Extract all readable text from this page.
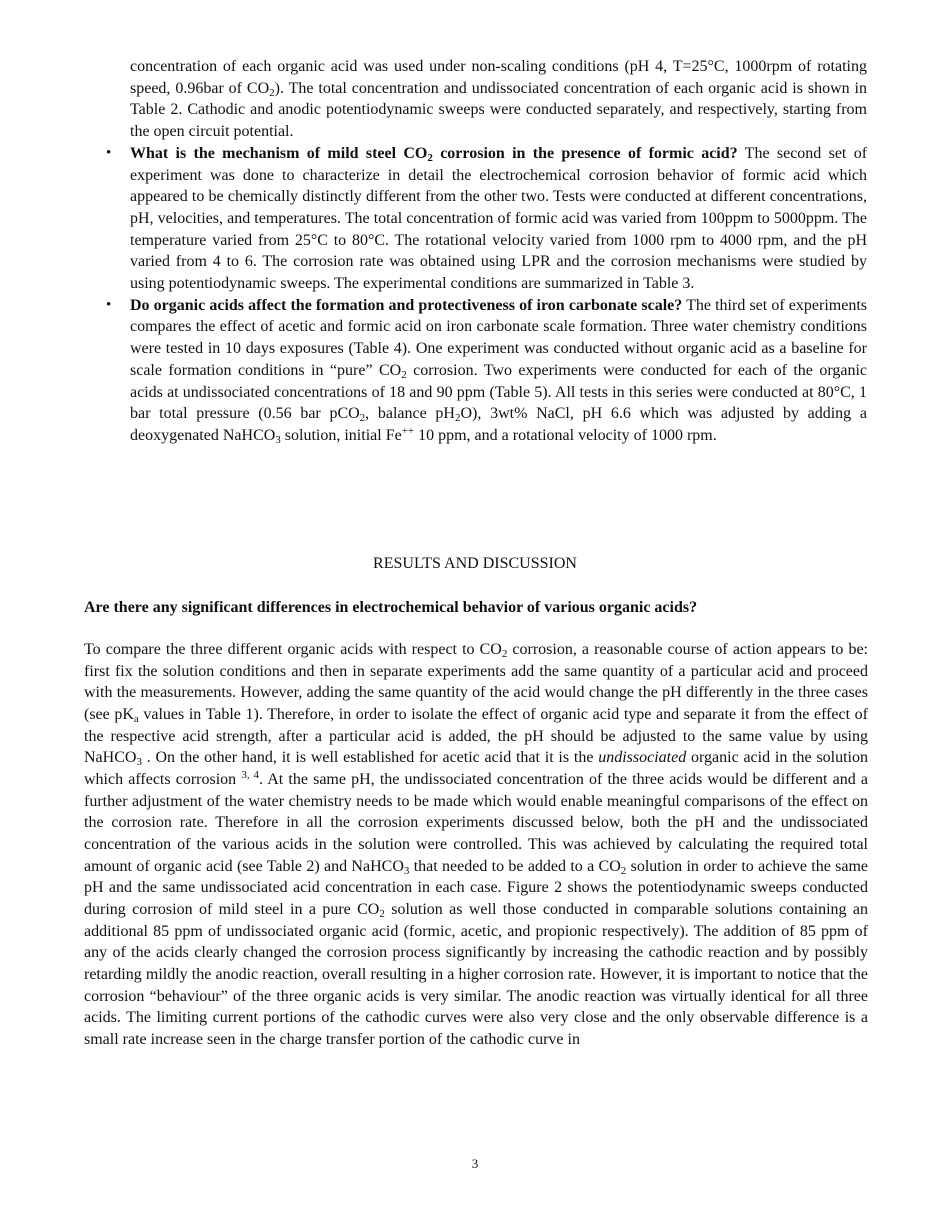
concentration of each organic acid was used under non-scaling conditions (pH 4, T=25°C, 1000rpm of rotating speed, 0.96bar of $CO_2$). The total concentration and undissociated concentration of each organic acid is shown in Table 2. Cathodic and anodic potentiodynamic sweeps were conducted separately, and respectively, starting from the open circuit potential.
• What is the mechanism of mild steel $CO_2$ corrosion in the presence of formic acid? The second set of experiment was done to characterize in detail the electrochemical corrosion behavior of formic acid which appeared to be chemically distinctly different from the other two. Tests were conducted at different concentrations, pH, velocities, and temperatures. The total concentration of formic acid was varied from 100ppm to 5000ppm. The temperature varied from 25°C to 80°C. The rotational velocity varied from 1000 rpm to 4000 rpm, and the pH varied from 4 to 6. The corrosion rate was obtained using LPR and the corrosion mechanisms were studied by using potentiodynamic sweeps. The experimental conditions are summarized in Table 3.
• Do organic acids affect the formation and protectiveness of iron carbonate scale? The third set of experiments compares the effect of acetic and formic acid on iron carbonate scale formation. Three water chemistry conditions were tested in 10 days exposures (Table 4). One experiment was conducted without organic acid as a baseline for scale formation conditions in “pure” $CO_2$ corrosion. Two experiments were conducted for each of the organic acids at undissociated concentrations of 18 and 90 ppm (Table 5). All tests in this series were conducted at 80°C, 1 bar total pressure (0.56 bar pCO$_2$, balance $pH_2O$), 3wt% NaCl, pH 6.6 which was adjusted by adding a deoxygenated NaHCO$_3$ solution, initial Fe++ 10 ppm, and a rotational velocity of 1000 rpm.
RESULTS AND DISCUSSION
Are there any significant differences in electrochemical behavior of various organic acids?
To compare the three different organic acids with respect to $CO_2$ corrosion, a reasonable course of action appears to be: first fix the solution conditions and then in separate experiments add the same quantity of a particular acid and proceed with the measurements. However, adding the same quantity of the acid would change the pH differently in the three cases (see $pK_a$ values in Table 1). Therefore, in order to isolate the effect of organic acid type and separate it from the effect of the respective acid strength, after a particular acid is added, the pH should be adjusted to the same value by using NaHCO$_3$ . On the other hand, it is well established for acetic acid that it is the undissociated organic acid in the solution which affects corrosion $^{3, 4}$. At the same pH, the undissociated concentration of the three acids would be different and a further adjustment of the water chemistry needs to be made which would enable meaningful comparisons of the effect on the corrosion rate. Therefore in all the corrosion experiments discussed below, both the pH and the undissociated concentration of the various acids in the solution were controlled. This was achieved by calculating the required total amount of organic acid (see Table 2) and NaHCO$_3$ that needed to be added to a $CO_2$ solution in order to achieve the same pH and the same undissociated acid concentration in each case. Figure 2 shows the potentiodynamic sweeps conducted during corrosion of mild steel in a pure $CO_2$ solution as well those conducted in comparable solutions containing an additional 85 ppm of undissociated organic acid (formic, acetic, and propionic respectively). The addition of 85 ppm of any of the acids clearly changed the corrosion process significantly by increasing the cathodic reaction and by possibly retarding mildly the anodic reaction, overall resulting in a higher corrosion rate. However, it is important to notice that the corrosion “behaviour” of the three organic acids is very similar. The anodic reaction was virtually identical for all three acids. The limiting current portions of the cathodic curves were also very close and the only observable difference is a small rate increase seen in the charge transfer portion of the cathodic curve in
3
